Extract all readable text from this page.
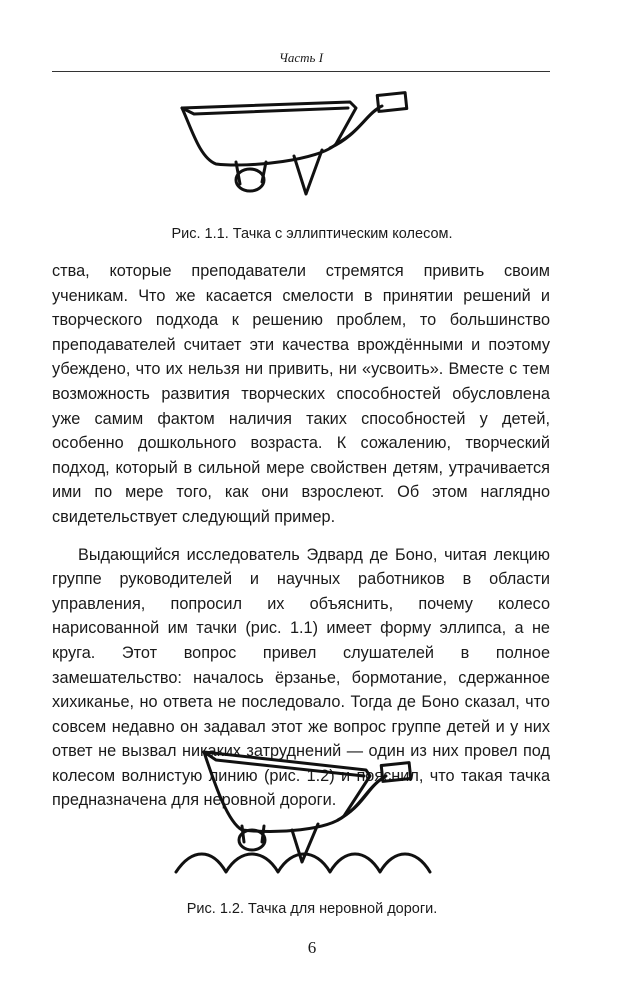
Часть I
Рис. 1.1. Тачка с эллиптическим колесом.

ства, которые преподаватели стремятся привить своим ученикам. Что же касается смелости в принятии решений и творческого подхода к решению проблем, то большинство преподавателей считает эти качества врождёнными и поэтому убеждено, что их нельзя ни привить, ни «усвоить». Вместе с тем возможность развития творческих способностей обусловлена уже самим фактом наличия таких способностей у детей, особенно дошкольного возраста. К сожалению, творческий подход, который в сильной мере свойствен детям, утрачивается ими по мере того, как они взрослеют. Об этом наглядно свидетельствует следующий пример.

Выдающийся исследователь Эдвард де Боно, читая лекцию группе руководителей и научных работников в области управления, попросил их объяснить, почему колесо нарисованной им тачки (рис. 1.1) имеет форму эллипса, а не круга. Этот вопрос привел слушателей в полное замешательство: началось ёрзанье, бормотание, сдержанное хихиканье, но ответа не последовало. Тогда де Боно сказал, что совсем недавно он задавал этот же вопрос группе детей и у них ответ не вызвал никаких затруднений — один из них провел под колесом волнистую линию (рис. 1.2) и пояснил, что такая тачка предназначена для неровной дороги.

Рис. 1.2. Тачка для неровной дороги.
6
